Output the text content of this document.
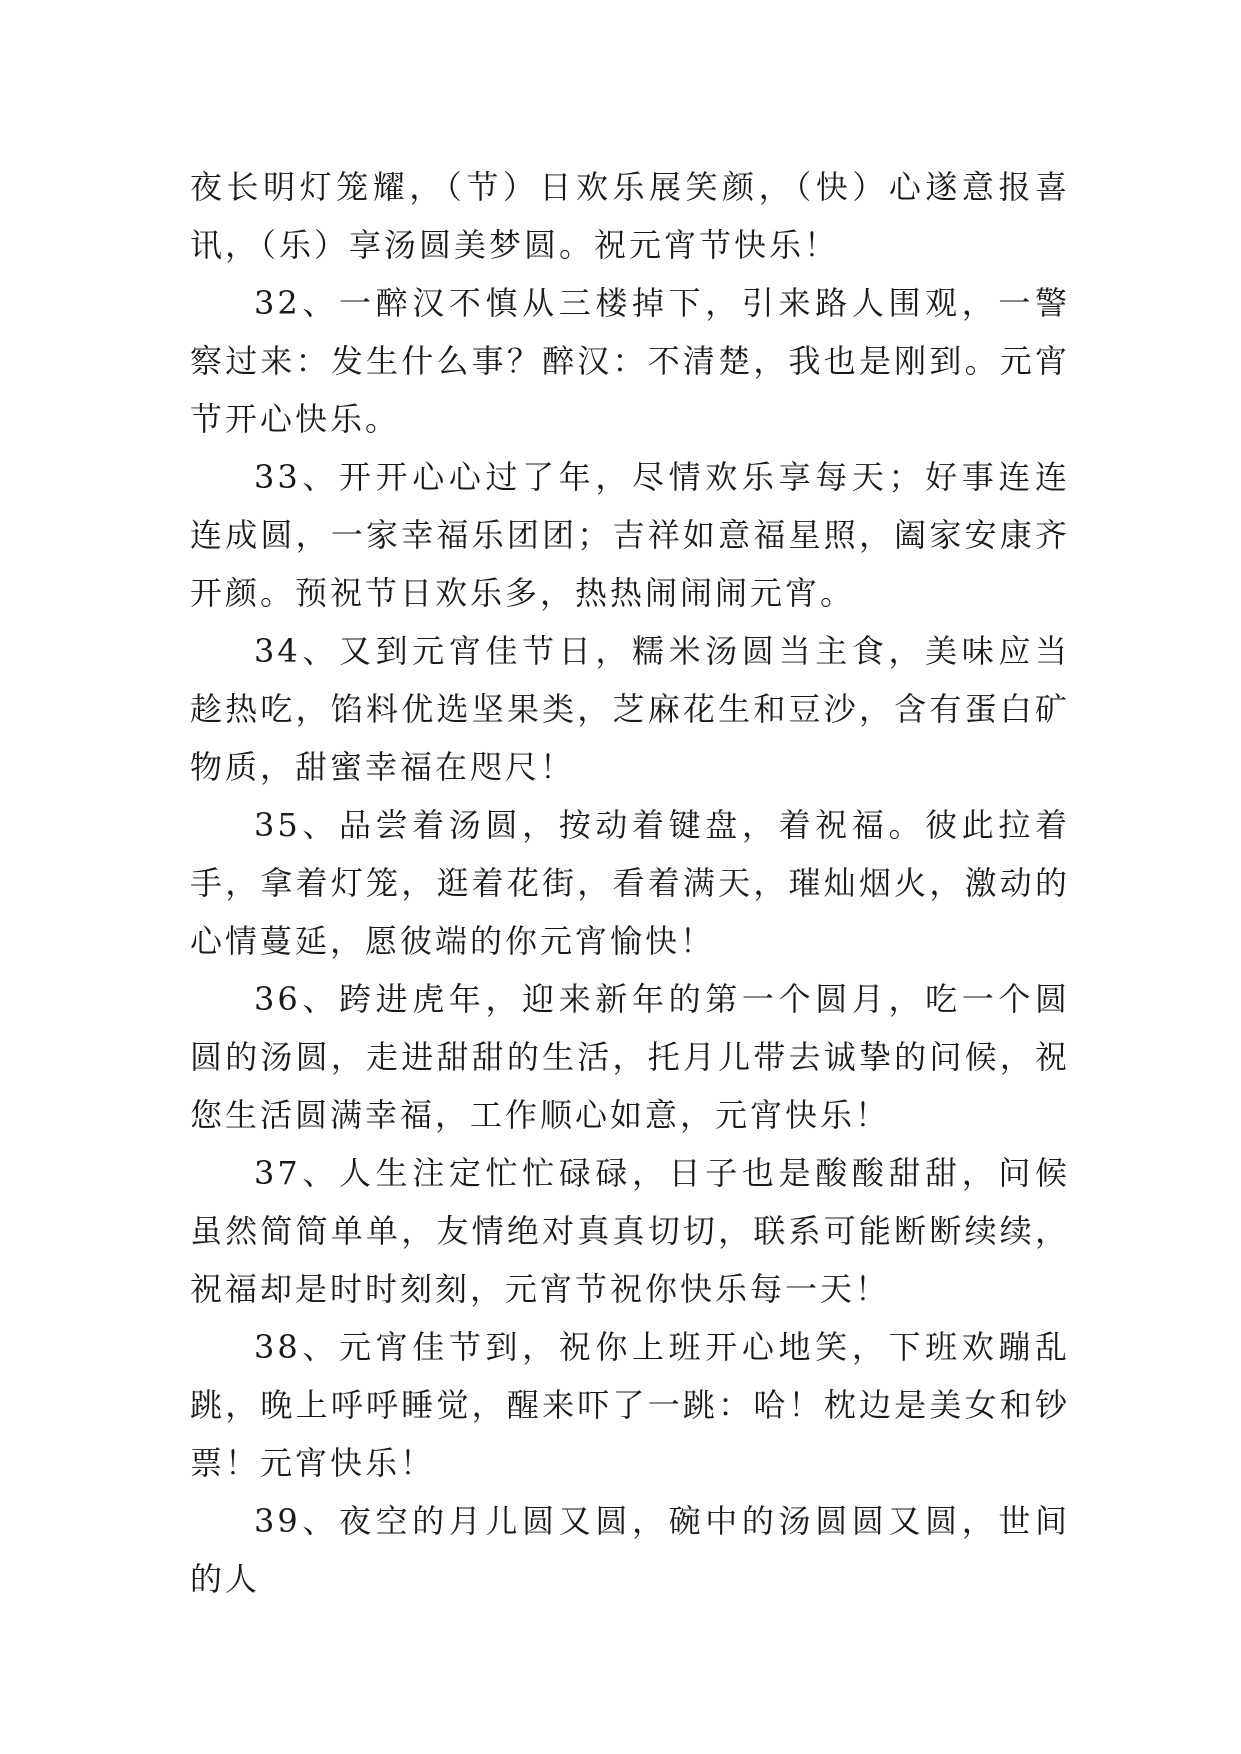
夜长明灯笼耀，（节）日欢乐展笑颜，（快）心遂意报喜讯，（乐）享汤圆美梦圆。祝元宵节快乐！

32、一醉汉不慎从三楼掉下，引来路人围观，一警察过来：发生什么事？醉汉：不清楚，我也是刚到。元宵节开心快乐。

33、开开心心过了年，尽情欢乐享每天；好事连连连成圆，一家幸福乐团团；吉祥如意福星照，阖家安康齐开颜。预祝节日欢乐多，热热闹闹闹元宵。

34、又到元宵佳节日，糯米汤圆当主食，美味应当趁热吃，馅料优选坚果类，芝麻花生和豆沙，含有蛋白矿物质，甜蜜幸福在咫尺！

35、品尝着汤圆，按动着键盘，着祝福。彼此拉着手，拿着灯笼，逛着花街，看着满天，璀灿烟火，激动的心情蔓延，愿彼端的你元宵愉快！

36、跨进虎年，迎来新年的第一个圆月，吃一个圆圆的汤圆，走进甜甜的生活，托月儿带去诚挚的问候，祝您生活圆满幸福，工作顺心如意，元宵快乐！

37、人生注定忙忙碌碌，日子也是酸酸甜甜，问候虽然简简单单，友情绝对真真切切，联系可能断断续续，祝福却是时时刻刻，元宵节祝你快乐每一天！

38、元宵佳节到，祝你上班开心地笑，下班欢蹦乱跳，晚上呼呼睡觉，醒来吓了一跳：哈！枕边是美女和钞票！元宵快乐！

39、夜空的月儿圆又圆，碗中的汤圆圆又圆，世间的人
